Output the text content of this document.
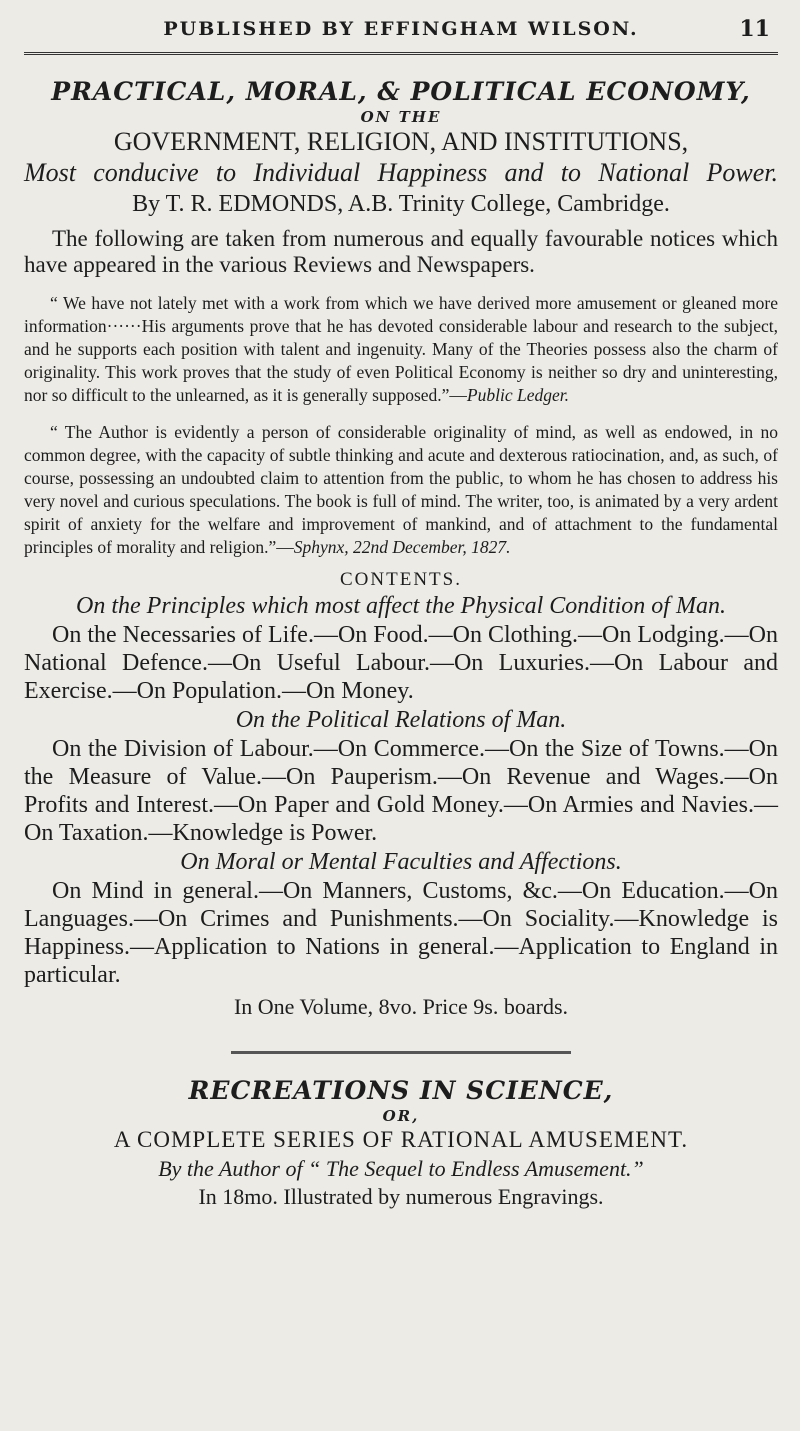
PUBLISHED BY EFFINGHAM WILSON.	11
PRACTICAL, MORAL, & POLITICAL ECONOMY,
ON THE
GOVERNMENT, RELIGION, AND INSTITUTIONS,
Most conducive to Individual Happiness and to National Power.
By T. R. EDMONDS, A.B. Trinity College, Cambridge.
The following are taken from numerous and equally favourable notices which have appeared in the various Reviews and Newspapers.
“ We have not lately met with a work from which we have derived more amusement or gleaned more information······His arguments prove that he has devoted considerable labour and research to the subject, and he supports each position with talent and ingenuity. Many of the Theories possess also the charm of originality. This work proves that the study of even Political Economy is neither so dry and uninteresting, nor so difficult to the unlearned, as it is generally supposed.”—Public Ledger.
“ The Author is evidently a person of considerable originality of mind, as well as endowed, in no common degree, with the capacity of subtle thinking and acute and dexterous ratiocination, and, as such, of course, possessing an undoubted claim to attention from the public, to whom he has chosen to address his very novel and curious speculations. The book is full of mind. The writer, too, is animated by a very ardent spirit of anxiety for the welfare and improvement of mankind, and of attachment to the fundamental principles of morality and religion.”—Sphynx, 22nd December, 1827.
CONTENTS.
On the Principles which most affect the Physical Condition of Man.
On the Necessaries of Life.—On Food.—On Clothing.—On Lodging.—On National Defence.—On Useful Labour.—On Luxuries.—On Labour and Exercise.—On Population.—On Money.
On the Political Relations of Man.
On the Division of Labour.—On Commerce.—On the Size of Towns.—On the Measure of Value.—On Pauperism.—On Revenue and Wages.—On Profits and Interest.—On Paper and Gold Money.—On Armies and Navies.—On Taxation.—Knowledge is Power.
On Moral or Mental Faculties and Affections.
On Mind in general.—On Manners, Customs, &c.—On Education.—On Languages.—On Crimes and Punishments.—On Sociality.—Knowledge is Happiness.—Application to Nations in general.—Application to England in particular.
In One Volume, 8vo. Price 9s. boards.
RECREATIONS IN SCIENCE,
OR,
A COMPLETE SERIES OF RATIONAL AMUSEMENT.
By the Author of “ The Sequel to Endless Amusement.”
In 18mo. Illustrated by numerous Engravings.
